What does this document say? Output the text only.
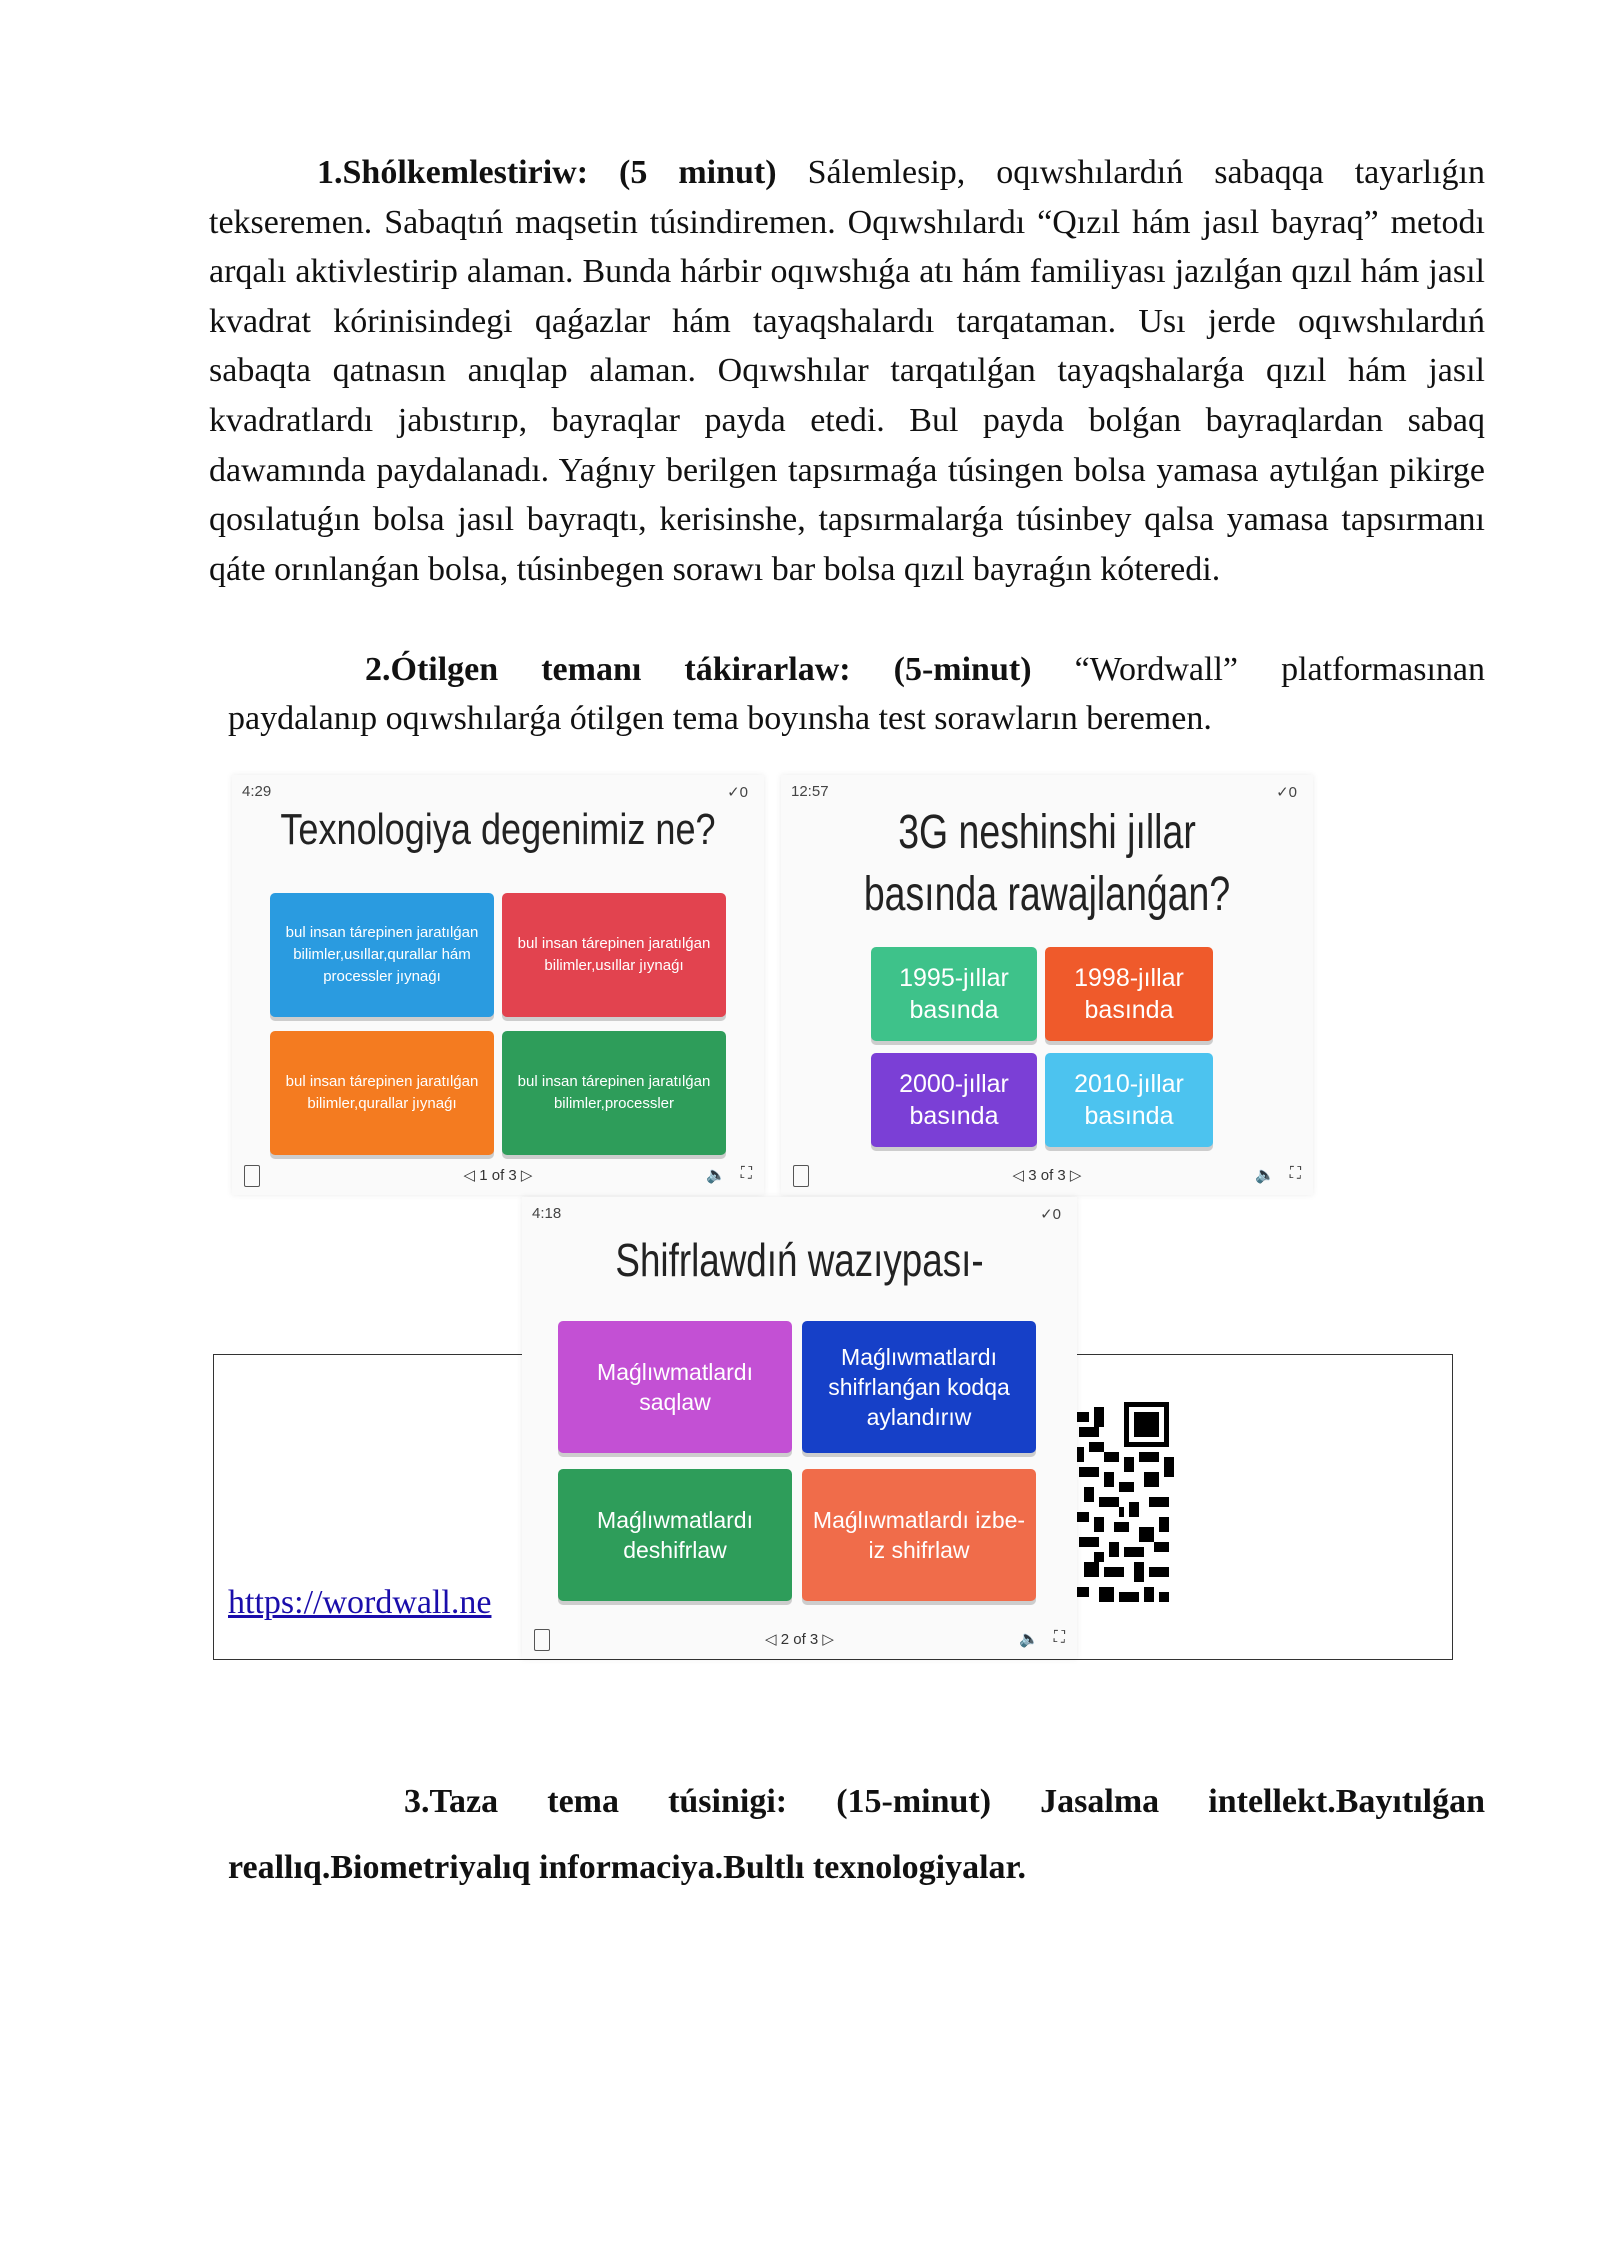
1.Shólkemlestiriw: (5 minut) Sálemlesip, oqıwshılardıń sabaqqa tayarlıǵın tekseremen. Sabaqtıń maqsetin túsindiremen. Oqıwshılardı “Qızıl hám jasıl bayraq” metodı arqalı aktivlestirip alaman. Bunda hárbir oqıwshıǵa atı hám familiyası jazılǵan qızıl hám jasıl kvadrat kórinisindegi qaǵazlar hám tayaqshalardı tarqataman. Usı jerde oqıwshılardıń sabaqta qatnasın anıqlap alaman. Oqıwshılar tarqatılǵan tayaqshalarǵa qızıl hám jasıl kvadratlardı jabıstırıp, bayraqlar payda etedi. Bul payda bolǵan bayraqlardan sabaq dawamında paydalanadı. Yaǵnıy berilgen tapsırmaǵa túsingen bolsa yamasa aytılǵan pikirge qosılatuǵın bolsa jasıl bayraqtı, kerisinshe, tapsırmalarǵa túsinbey qalsa yamasa tapsırmanı qáte orınlanǵan bolsa, túsinbegen sorawı bar bolsa qızıl bayraǵın kóteredi.
2.Ótilgen temanı tákirarlaw: (5-minut) “Wordwall” platformasınan
paydalanıp oqıwshılarǵa ótilgen tema boyınsha test sorawların beremen.
https://wordwall.ne
4:29	✓0
Texnologiya degenimiz ne?
bul insan tárepinen jaratılǵan bilimler,usıllar,qurallar hám processler jıynaǵı
bul insan tárepinen jaratılǵan bilimler,usıllar jıynaǵı
bul insan tárepinen jaratılǵan bilimler,qurallar jıynaǵı
bul insan tárepinen jaratılǵan bilimler,processler
◁ 1 of 3 ▷	🔈 ⛶
12:57	✓0
3G neshinshi jıllar
basında rawajlanǵan?
1995-jıllar basında
1998-jıllar basında
2000-jıllar basında
2010-jıllar basında
◁ 3 of 3 ▷	🔈 ⛶
4:18	✓0
Shifrlawdıń wazıypası-
Maǵlıwmatlardı saqlaw
Maǵlıwmatlardı shifrlanǵan kodqa aylandırıw
Maǵlıwmatlardı deshifrlaw
Maǵlıwmatlardı izbe-iz shifrlaw
◁ 2 of 3 ▷	🔈 ⛶
3.Taza tema túsinigi: (15-minut) Jasalma intellekt.Bayıtılǵan reallıq.Biometriyalıq informaciya.Bultlı texnologiyalar.
